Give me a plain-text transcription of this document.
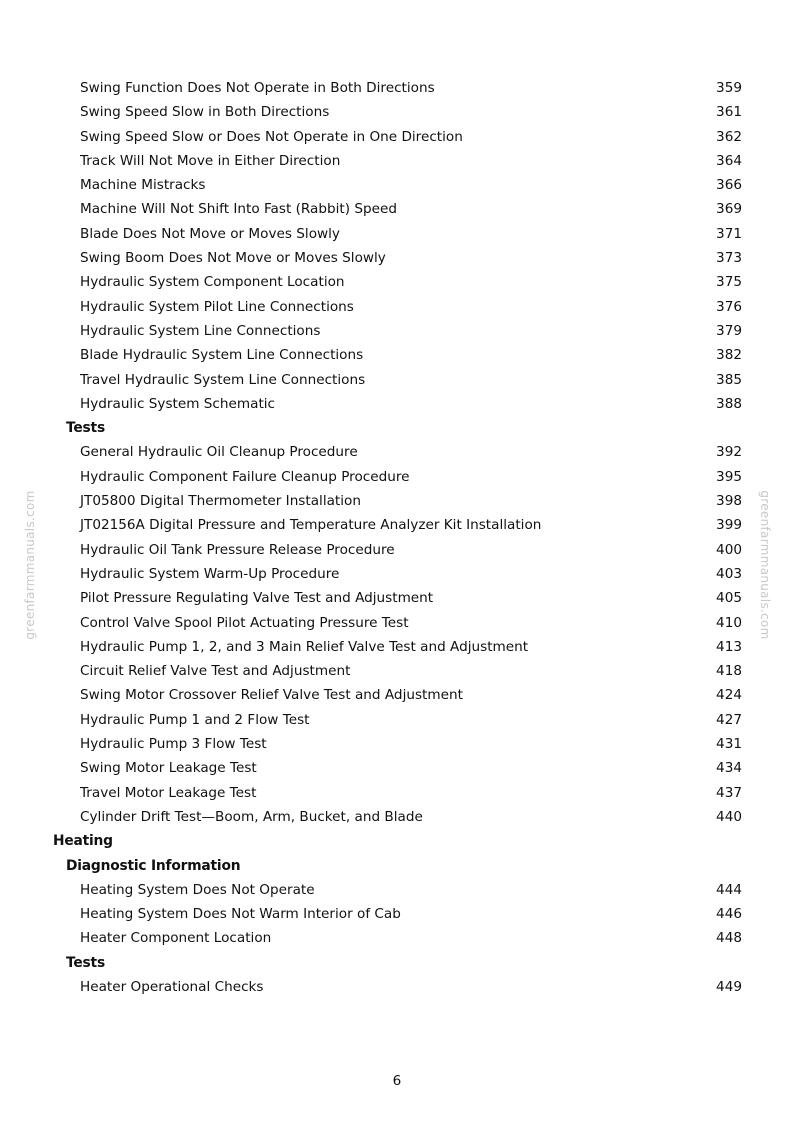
Swing Function Does Not Operate in Both Directions	359
Swing Speed Slow in Both Directions	361
Swing Speed Slow or Does Not Operate in One Direction	362
Track Will Not Move in Either Direction	364
Machine Mistracks	366
Machine Will Not Shift Into Fast (Rabbit) Speed	369
Blade Does Not Move or Moves Slowly	371
Swing Boom Does Not Move or Moves Slowly	373
Hydraulic System Component Location	375
Hydraulic System Pilot Line Connections	376
Hydraulic System Line Connections	379
Blade Hydraulic System Line Connections	382
Travel Hydraulic System Line Connections	385
Hydraulic System Schematic	388
Tests
General Hydraulic Oil Cleanup Procedure	392
Hydraulic Component Failure Cleanup Procedure	395
JT05800 Digital Thermometer Installation	398
JT02156A Digital Pressure and Temperature Analyzer Kit Installation	399
Hydraulic Oil Tank Pressure Release Procedure	400
Hydraulic System Warm-Up Procedure	403
Pilot Pressure Regulating Valve Test and Adjustment	405
Control Valve Spool Pilot Actuating Pressure Test	410
Hydraulic Pump 1, 2, and 3 Main Relief Valve Test and Adjustment	413
Circuit Relief Valve Test and Adjustment	418
Swing Motor Crossover Relief Valve Test and Adjustment	424
Hydraulic Pump 1 and 2 Flow Test	427
Hydraulic Pump 3 Flow Test	431
Swing Motor Leakage Test	434
Travel Motor Leakage Test	437
Cylinder Drift Test—Boom, Arm, Bucket, and Blade	440
Heating
Diagnostic Information
Heating System Does Not Operate	444
Heating System Does Not Warm Interior of Cab	446
Heater Component Location	448
Tests
Heater Operational Checks	449
greenfarmmanuals.com	greenfarmmanuals.com
6
